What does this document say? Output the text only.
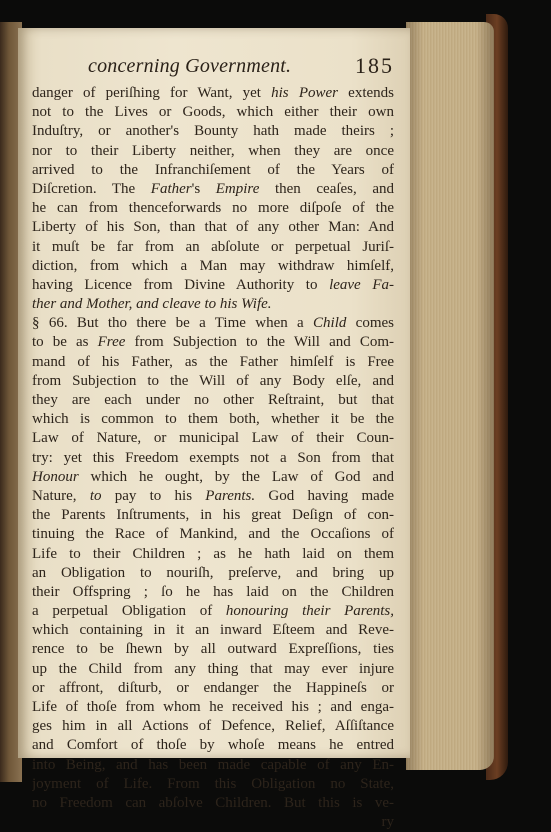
concerning Government.	185
danger of periſhing for Want, yet his Power extends
not to the Lives or Goods, which either their own
Induſtry, or another's Bounty hath made theirs ;
nor to their Liberty neither, when they are once
arrived to the Infranchiſement of the Years of
Diſcretion. The Father's Empire then ceaſes, and
he can from thenceforwards no more diſpoſe of the
Liberty of his Son, than that of any other Man: And
it muſt be far from an abſolute or perpetual Juriſ-
diction, from which a Man may withdraw himſelf,
having Licence from Divine Authority to leave Fa-
ther and Mother, and cleave to his Wife.
§ 66. But tho there be a Time when a Child comes
to be as Free from Subjection to the Will and Com-
mand of his Father, as the Father himſelf is Free
from Subjection to the Will of any Body elſe, and
they are each under no other Reſtraint, but that
which is common to them both, whether it be the
Law of Nature, or municipal Law of their Coun-
try: yet this Freedom exempts not a Son from that
Honour which he ought, by the Law of God and
Nature, to pay to his Parents. God having made
the Parents Inſtruments, in his great Deſign of con-
tinuing the Race of Mankind, and the Occaſions of
Life to their Children ; as he hath laid on them
an Obligation to nouriſh, preſerve, and bring up
their Offspring ; ſo he has laid on the Children
a perpetual Obligation of honouring their Parents,
which containing in it an inward Eſteem and Reve-
rence to be ſhewn by all outward Expreſſions, ties
up the Child from any thing that may ever injure
or affront, diſturb, or endanger the Happineſs or
Life of thoſe from whom he received his ; and enga-
ges him in all Actions of Defence, Relief, Aſſiſtance
and Comfort of thoſe by whoſe means he entred
into Being, and has been made capable of any En-
joyment of Life. From this Obligation no State,
no Freedom can abſolve Children. But this is ve-
ry
